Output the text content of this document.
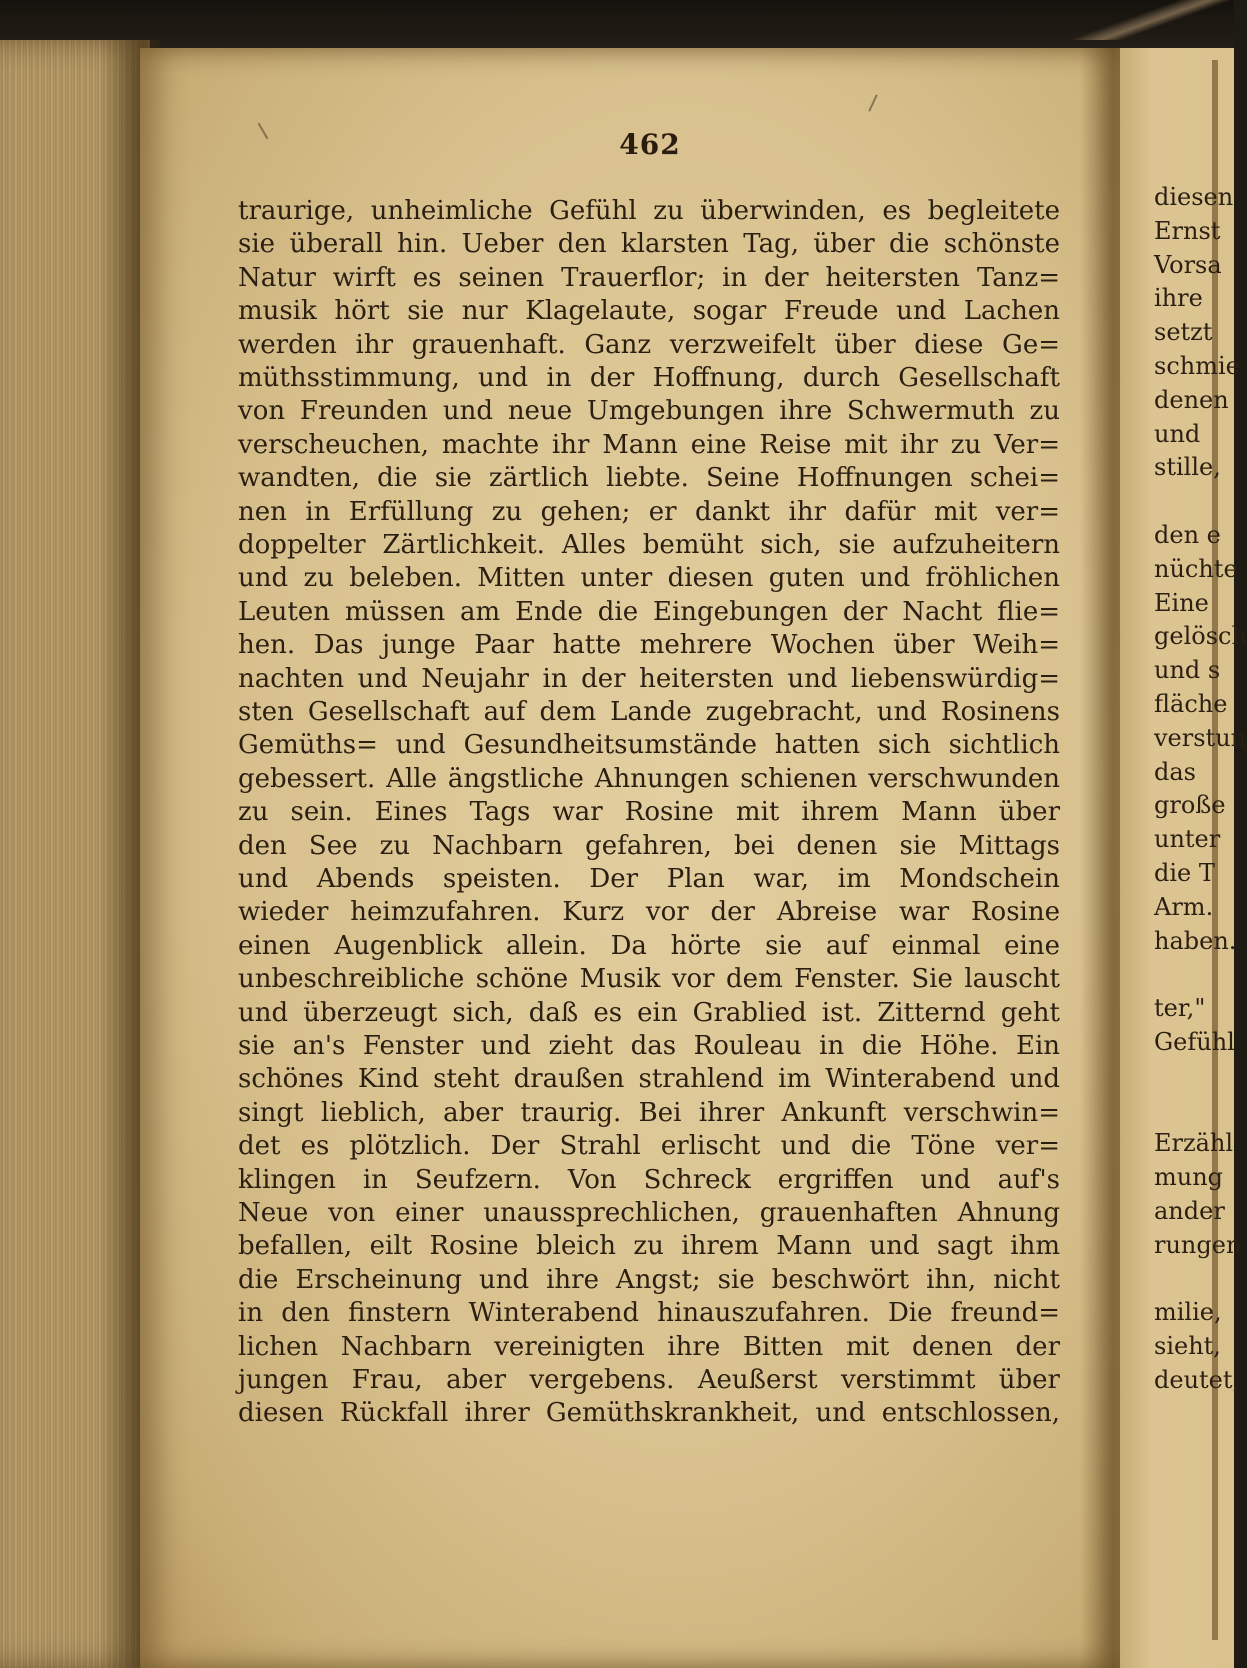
462
traurige, unheimliche Gefühl zu überwinden, es begleitete
sie überall hin. Ueber den klarsten Tag, über die schönste
Natur wirft es seinen Trauerflor; in der heitersten Tanz=
musik hört sie nur Klagelaute, sogar Freude und Lachen
werden ihr grauenhaft. Ganz verzweifelt über diese Ge=
müthsstimmung, und in der Hoffnung, durch Gesellschaft
von Freunden und neue Umgebungen ihre Schwermuth zu
verscheuchen, machte ihr Mann eine Reise mit ihr zu Ver=
wandten, die sie zärtlich liebte. Seine Hoffnungen schei=
nen in Erfüllung zu gehen; er dankt ihr dafür mit ver=
doppelter Zärtlichkeit. Alles bemüht sich, sie aufzuheitern
und zu beleben. Mitten unter diesen guten und fröhlichen
Leuten müssen am Ende die Eingebungen der Nacht flie=
hen. Das junge Paar hatte mehrere Wochen über Weih=
nachten und Neujahr in der heitersten und liebenswürdig=
sten Gesellschaft auf dem Lande zugebracht, und Rosinens
Gemüths= und Gesundheitsumstände hatten sich sichtlich
gebessert. Alle ängstliche Ahnungen schienen verschwunden
zu sein. Eines Tags war Rosine mit ihrem Mann über
den See zu Nachbarn gefahren, bei denen sie Mittags
und Abends speisten. Der Plan war, im Mondschein
wieder heimzufahren. Kurz vor der Abreise war Rosine
einen Augenblick allein. Da hörte sie auf einmal eine
unbeschreibliche schöne Musik vor dem Fenster. Sie lauscht
und überzeugt sich, daß es ein Grablied ist. Zitternd geht
sie an's Fenster und zieht das Rouleau in die Höhe. Ein
schönes Kind steht draußen strahlend im Winterabend und
singt lieblich, aber traurig. Bei ihrer Ankunft verschwin=
det es plötzlich. Der Strahl erlischt und die Töne ver=
klingen in Seufzern. Von Schreck ergriffen und auf's
Neue von einer unaussprechlichen, grauenhaften Ahnung
befallen, eilt Rosine bleich zu ihrem Mann und sagt ihm
die Erscheinung und ihre Angst; sie beschwört ihn, nicht
in den finstern Winterabend hinauszufahren. Die freund=
lichen Nachbarn vereinigten ihre Bitten mit denen der
jungen Frau, aber vergebens. Aeußerst verstimmt über
diesen Rückfall ihrer Gemüthskrankheit, und entschlossen,
diesen
Ernst
Vorsa
ihre
setzt
schmie
denen
und
stille,
den e
nüchte
Eine
gelösch
und s
fläche
verstun
das
große
unter
die T
Arm.
haben.
ter,"
Gefühl
Erzähl
mung
ander
rungen
milie,
sieht,
deutet,
